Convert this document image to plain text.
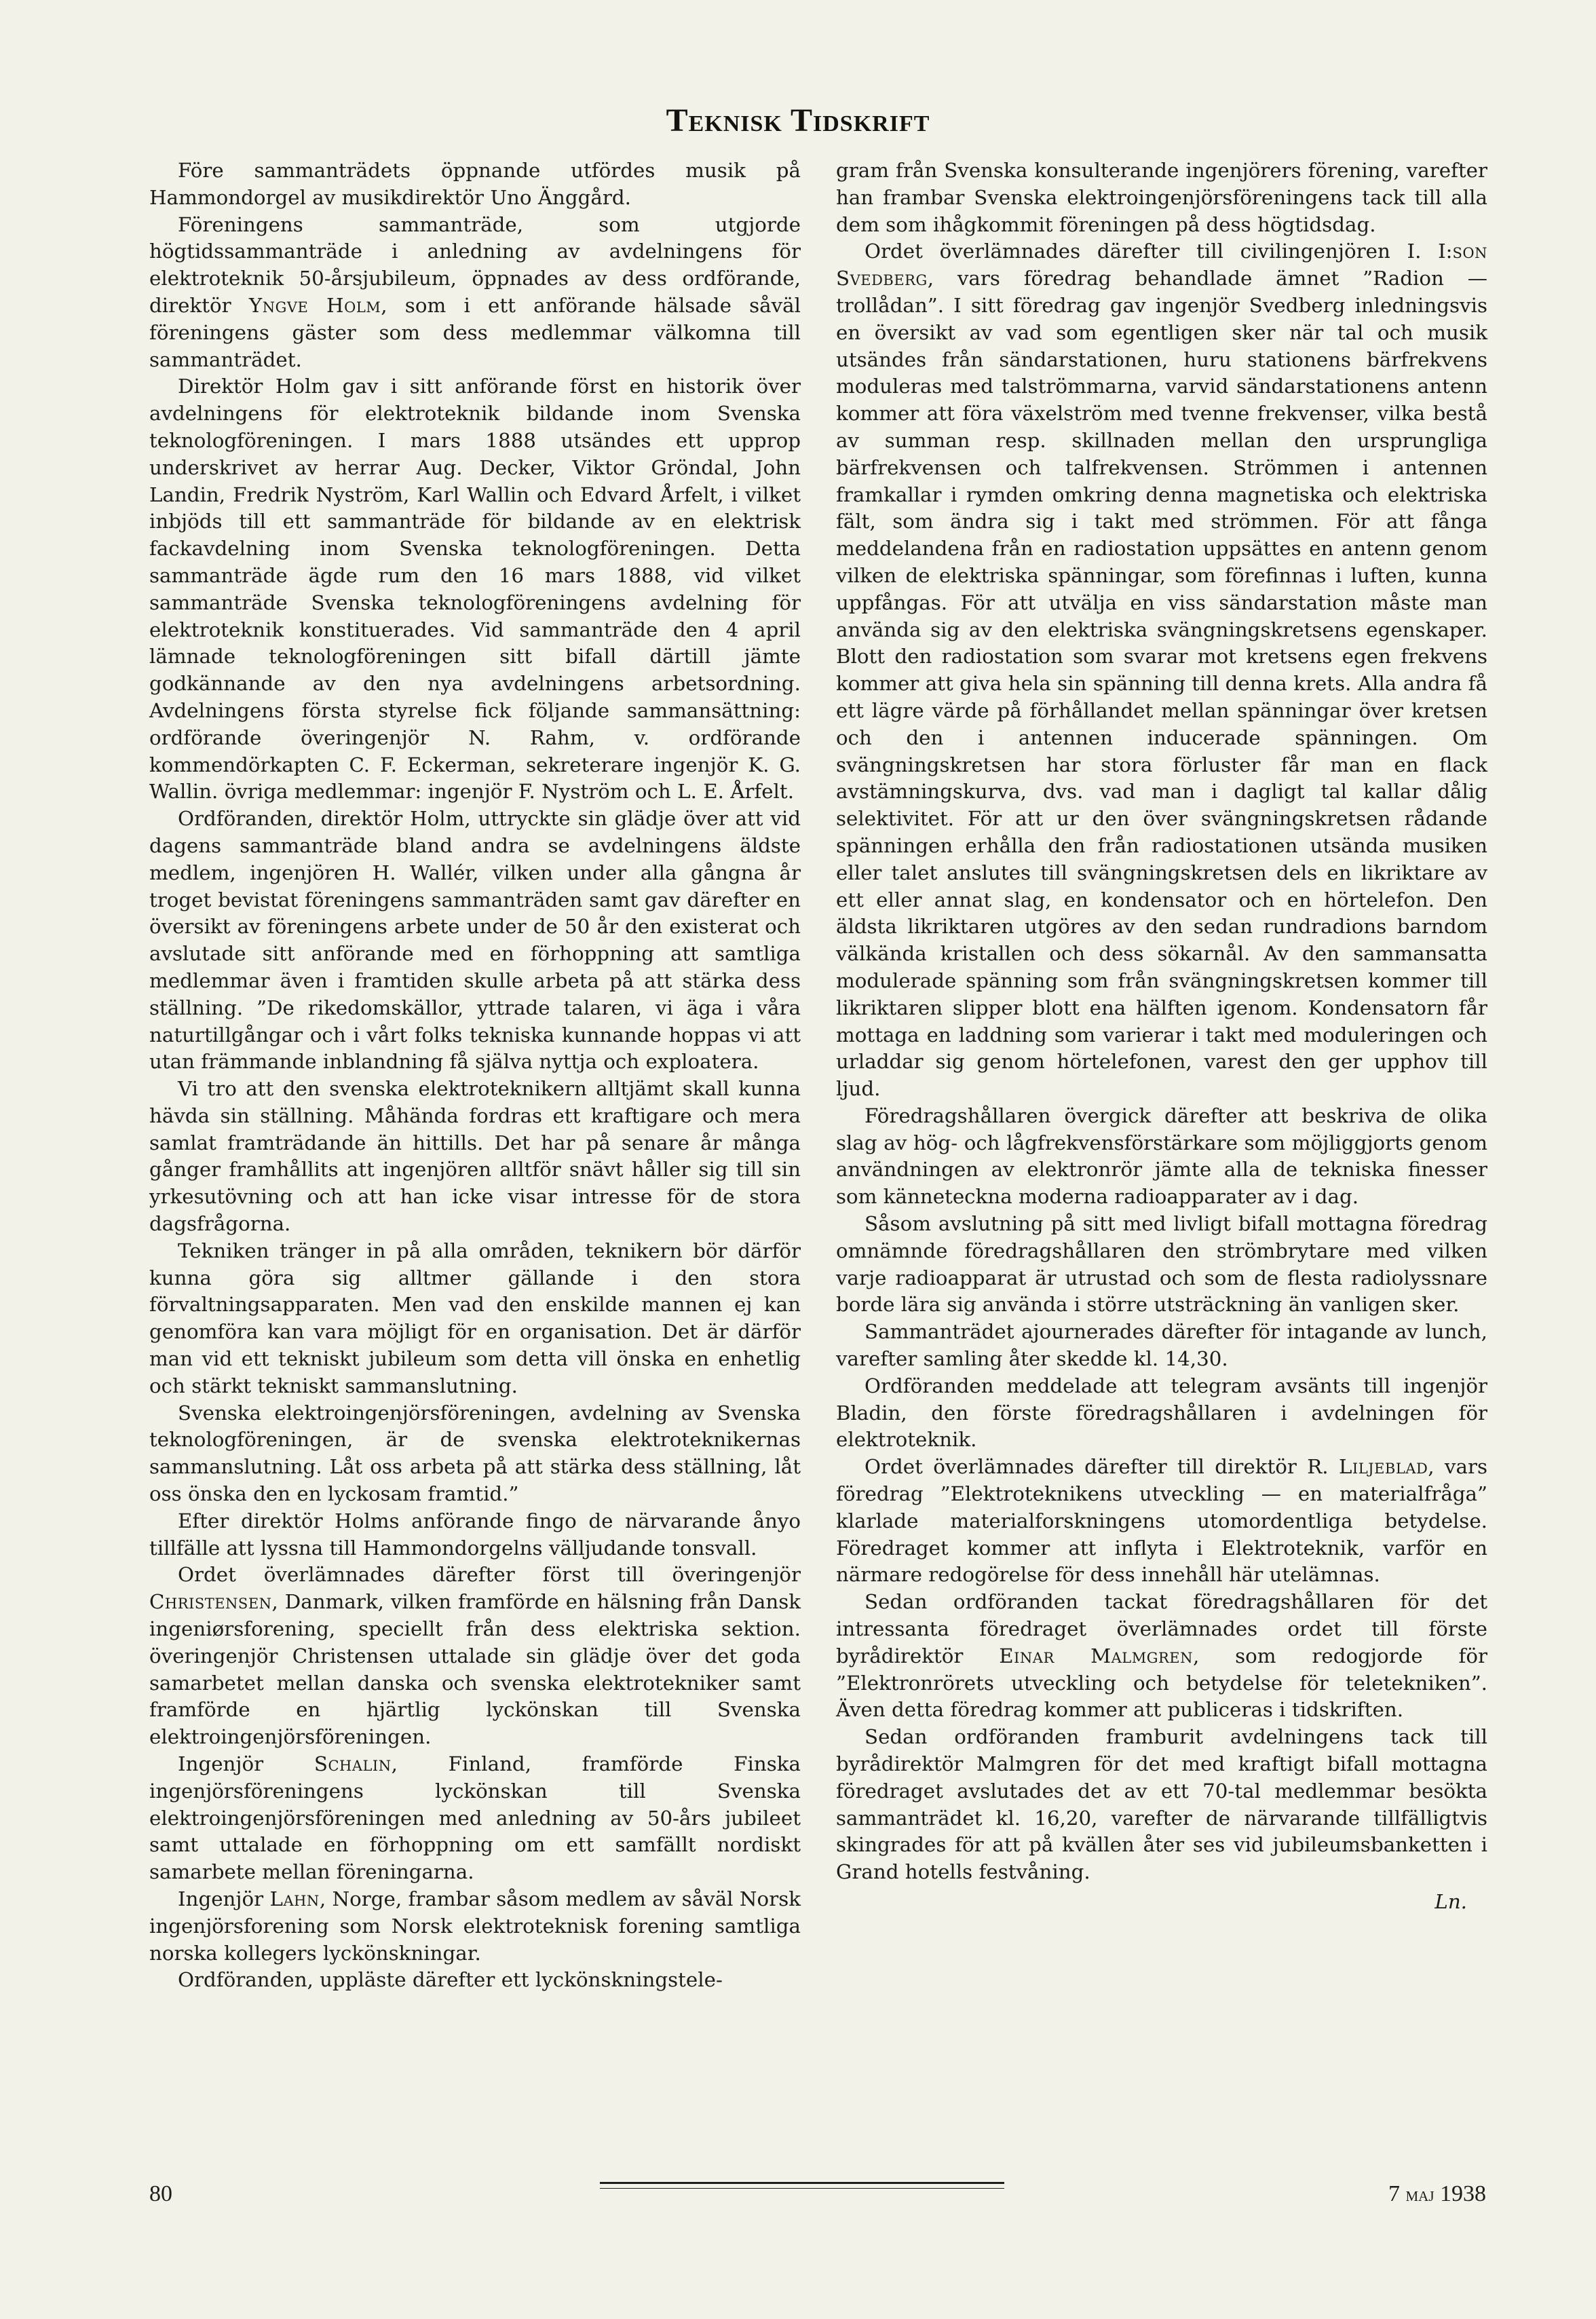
Teknisk Tidskrift

Före sammanträdets öppnande utfördes musik på Hammondorgel av musikdirektör Uno Änggård.

Föreningens sammanträde, som utgjorde högtidssammanträde i anledning av avdelningens för elektroteknik 50-årsjubileum, öppnades av dess ordförande, direktör Yngve Holm, som i ett anförande hälsade såväl föreningens gäster som dess medlemmar välkomna till sammanträdet.

Direktör Holm gav i sitt anförande först en historik över avdelningens för elektroteknik bildande inom Svenska teknologföreningen. I mars 1888 utsändes ett upprop underskrivet av herrar Aug. Decker, Viktor Gröndal, John Landin, Fredrik Nyström, Karl Wallin och Edvard Årfelt, i vilket inbjöds till ett sammanträde för bildande av en elektrisk fackavdelning inom Svenska teknologföreningen. Detta sammanträde ägde rum den 16 mars 1888, vid vilket sammanträde Svenska teknologföreningens avdelning för elektroteknik konstituerades. Vid sammanträde den 4 april lämnade teknologföreningen sitt bifall därtill jämte godkännande av den nya avdelningens arbetsordning. Avdelningens första styrelse fick följande sammansättning: ordförande överingenjör N. Rahm, v. ordförande kommendörkapten C. F. Eckerman, sekreterare ingenjör K. G. Wallin. övriga medlemmar: ingenjör F. Nyström och L. E. Årfelt.

Ordföranden, direktör Holm, uttryckte sin glädje över att vid dagens sammanträde bland andra se avdelningens äldste medlem, ingenjören H. Wallér, vilken under alla gångna år troget bevistat föreningens sammanträden samt gav därefter en översikt av föreningens arbete under de 50 år den existerat och avslutade sitt anförande med en förhoppning att samtliga medlemmar även i framtiden skulle arbeta på att stärka dess ställning. ”De rikedomskällor, yttrade talaren, vi äga i våra naturtillgångar och i vårt folks tekniska kunnande hoppas vi att utan främmande inblandning få själva nyttja och exploatera.

Vi tro att den svenska elektroteknikern alltjämt skall kunna hävda sin ställning. Måhända fordras ett kraftigare och mera samlat framträdande än hittills. Det har på senare år många gånger framhållits att ingenjören alltför snävt håller sig till sin yrkesutövning och att han icke visar intresse för de stora dagsfrågorna.

Tekniken tränger in på alla områden, teknikern bör därför kunna göra sig alltmer gällande i den stora förvaltningsapparaten. Men vad den enskilde mannen ej kan genomföra kan vara möjligt för en organisation. Det är därför man vid ett tekniskt jubileum som detta vill önska en enhetlig och stärkt tekniskt sammanslutning.

Svenska elektroingenjörsföreningen, avdelning av Svenska teknologföreningen, är de svenska elektroteknikernas sammanslutning. Låt oss arbeta på att stärka dess ställning, låt oss önska den en lyckosam framtid.”

Efter direktör Holms anförande fingo de närvarande ånyo tillfälle att lyssna till Hammondorgelns välljudande tonsvall.

Ordet överlämnades därefter först till överingenjör Christensen, Danmark, vilken framförde en hälsning från Dansk ingeniørsforening, speciellt från dess elektriska sektion. överingenjör Christensen uttalade sin glädje över det goda samarbetet mellan danska och svenska elektrotekniker samt framförde en hjärtlig lyckönskan till Svenska elektroingenjörsföreningen.

Ingenjör Schalin, Finland, framförde Finska ingenjörsföreningens lyckönskan till Svenska elektroingenjörsföreningen med anledning av 50-års jubileet samt uttalade en förhoppning om ett samfällt nordiskt samarbete mellan föreningarna.

Ingenjör Lahn, Norge, frambar såsom medlem av såväl Norsk ingenjörsforening som Norsk elektroteknisk forening samtliga norska kollegers lyckönskningar.

Ordföranden, uppläste därefter ett lyckönskningstele-

gram från Svenska konsulterande ingenjörers förening, varefter han frambar Svenska elektroingenjörsföreningens tack till alla dem som ihågkommit föreningen på dess högtidsdag.

Ordet överlämnades därefter till civilingenjören I. I:son Svedberg, vars föredrag behandlade ämnet ”Radion — trollådan”. I sitt föredrag gav ingenjör Svedberg inledningsvis en översikt av vad som egentligen sker när tal och musik utsändes från sändarstationen, huru stationens bärfrekvens moduleras med talströmmarna, varvid sändarstationens antenn kommer att föra växelström med tvenne frekvenser, vilka bestå av summan resp. skillnaden mellan den ursprungliga bärfrekvensen och talfrekvensen. Strömmen i antennen framkallar i rymden omkring denna magnetiska och elektriska fält, som ändra sig i takt med strömmen. För att fånga meddelandena från en radiostation uppsättes en antenn genom vilken de elektriska spänningar, som förefinnas i luften, kunna uppfångas. För att utvälja en viss sändarstation måste man använda sig av den elektriska svängningskretsens egenskaper. Blott den radiostation som svarar mot kretsens egen frekvens kommer att giva hela sin spänning till denna krets. Alla andra få ett lägre värde på förhållandet mellan spänningar över kretsen och den i antennen inducerade spänningen. Om svängningskretsen har stora förluster får man en flack avstämningskurva, dvs. vad man i dagligt tal kallar dålig selektivitet. För att ur den över svängningskretsen rådande spänningen erhålla den från radiostationen utsända musiken eller talet anslutes till svängningskretsen dels en likriktare av ett eller annat slag, en kondensator och en hörtelefon. Den äldsta likriktaren utgöres av den sedan rundradions barndom välkända kristallen och dess sökarnål. Av den sammansatta modulerade spänning som från svängningskretsen kommer till likriktaren slipper blott ena hälften igenom. Kondensatorn får mottaga en laddning som varierar i takt med moduleringen och urladdar sig genom hörtelefonen, varest den ger upphov till ljud.

Föredragshållaren övergick därefter att beskriva de olika slag av hög- och lågfrekvensförstärkare som möjliggjorts genom användningen av elektronrör jämte alla de tekniska finesser som känneteckna moderna radioapparater av i dag.

Såsom avslutning på sitt med livligt bifall mottagna föredrag omnämnde föredragshållaren den strömbrytare med vilken varje radioapparat är utrustad och som de flesta radiolyssnare borde lära sig använda i större utsträckning än vanligen sker.

Sammanträdet ajournerades därefter för intagande av lunch, varefter samling åter skedde kl. 14,30.

Ordföranden meddelade att telegram avsänts till ingenjör Bladin, den förste föredragshållaren i avdelningen för elektroteknik.

Ordet överlämnades därefter till direktör R. Liljeblad, vars föredrag ”Elektroteknikens utveckling — en materialfråga” klarlade materialforskningens utomordentliga betydelse. Föredraget kommer att inflyta i Elektroteknik, varför en närmare redogörelse för dess innehåll här utelämnas.

Sedan ordföranden tackat föredragshållaren för det intressanta föredraget överlämnades ordet till förste byrådirektör Einar Malmgren, som redogjorde för ”Elektronrörets utveckling och betydelse för teletekniken”. Även detta föredrag kommer att publiceras i tidskriften.

Sedan ordföranden framburit avdelningens tack till byrådirektör Malmgren för det med kraftigt bifall mottagna föredraget avslutades det av ett 70-tal medlemmar besökta sammanträdet kl. 16,20, varefter de närvarande tillfälligtvis skingrades för att på kvällen åter ses vid jubileumsbanketten i Grand hotells festvåning.

Ln.
80	7 maj 1938
